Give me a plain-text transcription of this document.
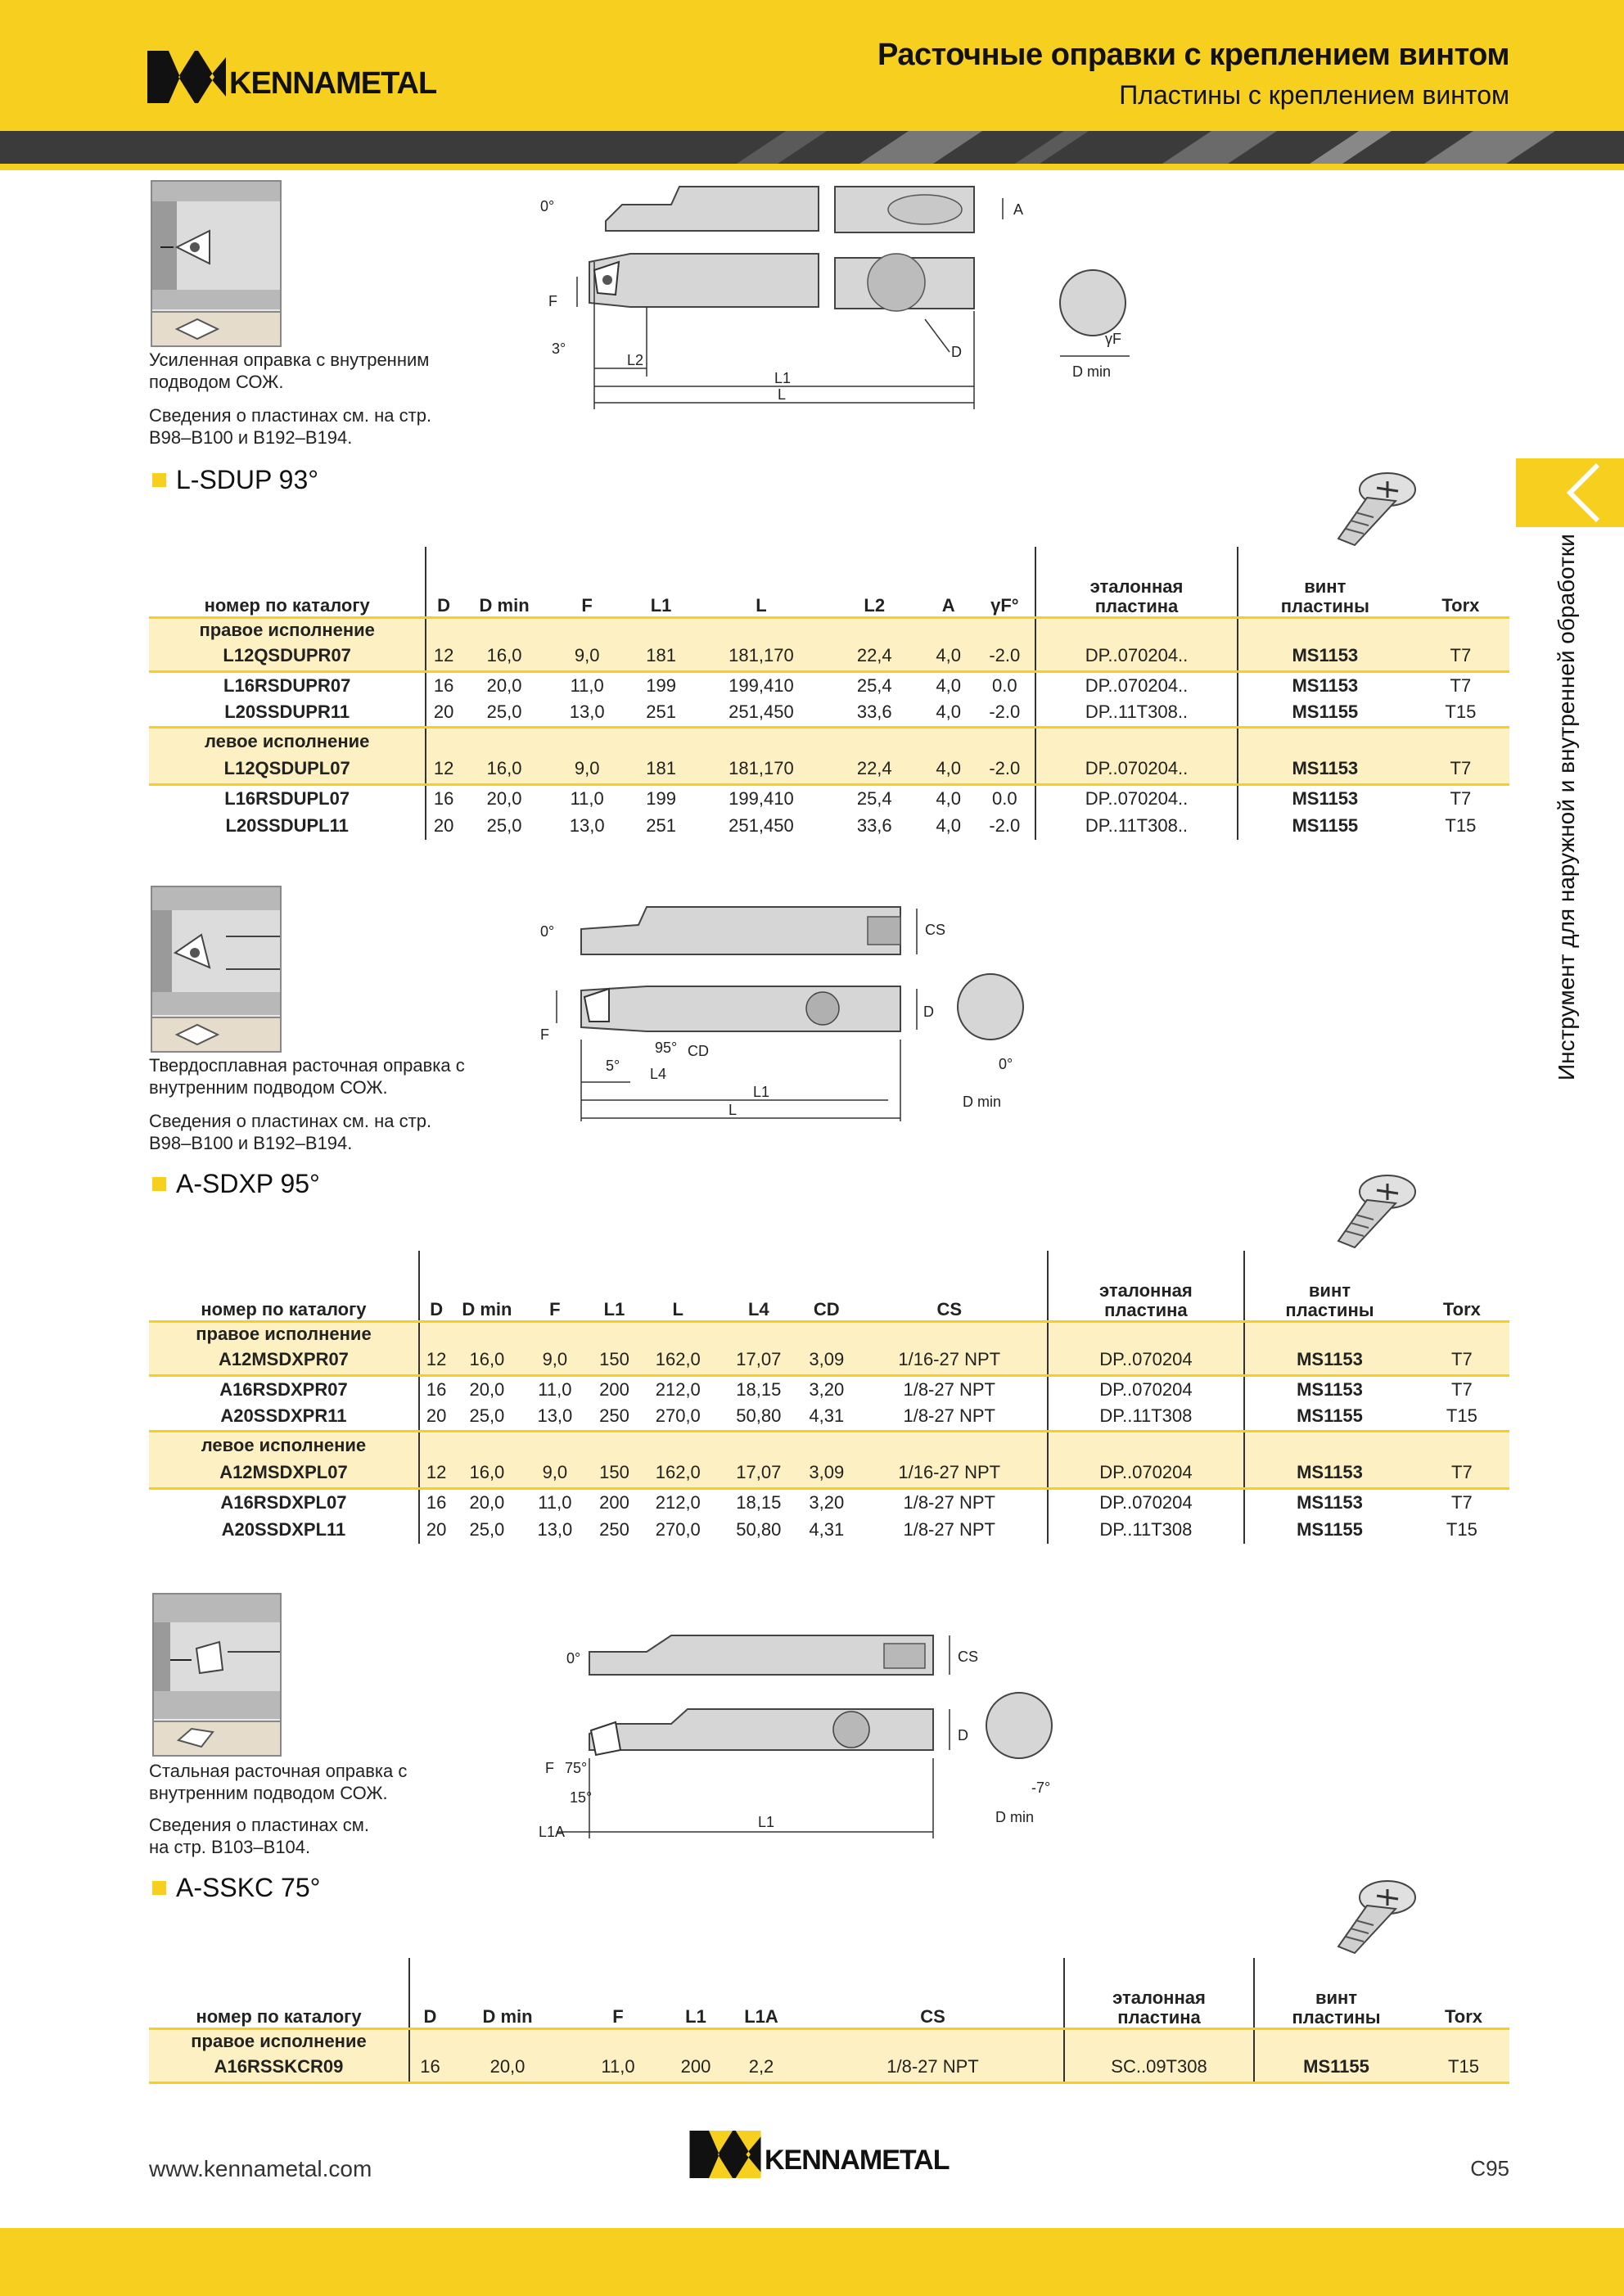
KENNAMETAL
Расточные оправки с креплением винтом
Пластины с креплением винтом
Инструмент для наружной и внутренней обработки
Усиленная оправка с внутренним подводом СОЖ.
Сведения о пластинах см. на стр. B98–B100 и B192–B194.
0°	A
F
3°
L2	D
L1
L
γF
D min
L-SDUP 93°
номер по каталогу	D	D min	F	L1	L	L2	A	γF°	эталонная пластина	винт пластины	Torx
правое исполнение											
L12QSDUPR07	12	16,0	9,0	181	181,170	22,4	4,0	-2.0	DP..070204..	MS1153	T7
L16RSDUPR07	16	20,0	11,0	199	199,410	25,4	4,0	0.0	DP..070204..	MS1153	T7
L20SSDUPR11	20	25,0	13,0	251	251,450	33,6	4,0	-2.0	DP..11T308..	MS1155	T15
левое исполнение											
L12QSDUPL07	12	16,0	9,0	181	181,170	22,4	4,0	-2.0	DP..070204..	MS1153	T7
L16RSDUPL07	16	20,0	11,0	199	199,410	25,4	4,0	0.0	DP..070204..	MS1153	T7
L20SSDUPL11	20	25,0	13,0	251	251,450	33,6	4,0	-2.0	DP..11T308..	MS1155	T15
Твердосплавная расточная оправка с внутренним подводом СОЖ.
Сведения о пластинах см. на стр. B98–B100 и B192–B194.
0°	CS
F
D
95° CD
5° L4
L1
L
0°
D min
A-SDXP 95°
номер по каталогу	D	D min	F	L1	L	L4	CD	CS	эталонная пластина	винт пластины	Torx
правое исполнение											
A12MSDXPR07	12	16,0	9,0	150	162,0	17,07	3,09	1/16-27 NPT	DP..070204	MS1153	T7
A16RSDXPR07	16	20,0	11,0	200	212,0	18,15	3,20	1/8-27 NPT	DP..070204	MS1153	T7
A20SSDXPR11	20	25,0	13,0	250	270,0	50,80	4,31	1/8-27 NPT	DP..11T308	MS1155	T15
левое исполнение											
A12MSDXPL07	12	16,0	9,0	150	162,0	17,07	3,09	1/16-27 NPT	DP..070204	MS1153	T7
A16RSDXPL07	16	20,0	11,0	200	212,0	18,15	3,20	1/8-27 NPT	DP..070204	MS1153	T7
A20SSDXPL11	20	25,0	13,0	250	270,0	50,80	4,31	1/8-27 NPT	DP..11T308	MS1155	T15
Стальная расточная оправка с внутренним подводом СОЖ.
Сведения о пластинах см. на стр. B103–B104.
0°	CS
F 75°
15°
D
L1A
L1
-7°
D min
A-SSKC 75°
номер по каталогу	D	D min	F	L1	L1A	CS	эталонная пластина	винт пластины	Torx
правое исполнение									
A16RSSKCR09	16	20,0	11,0	200	2,2	1/8-27 NPT	SC..09T308	MS1155	T15
www.kennametal.com	KENNAMETAL	C95
